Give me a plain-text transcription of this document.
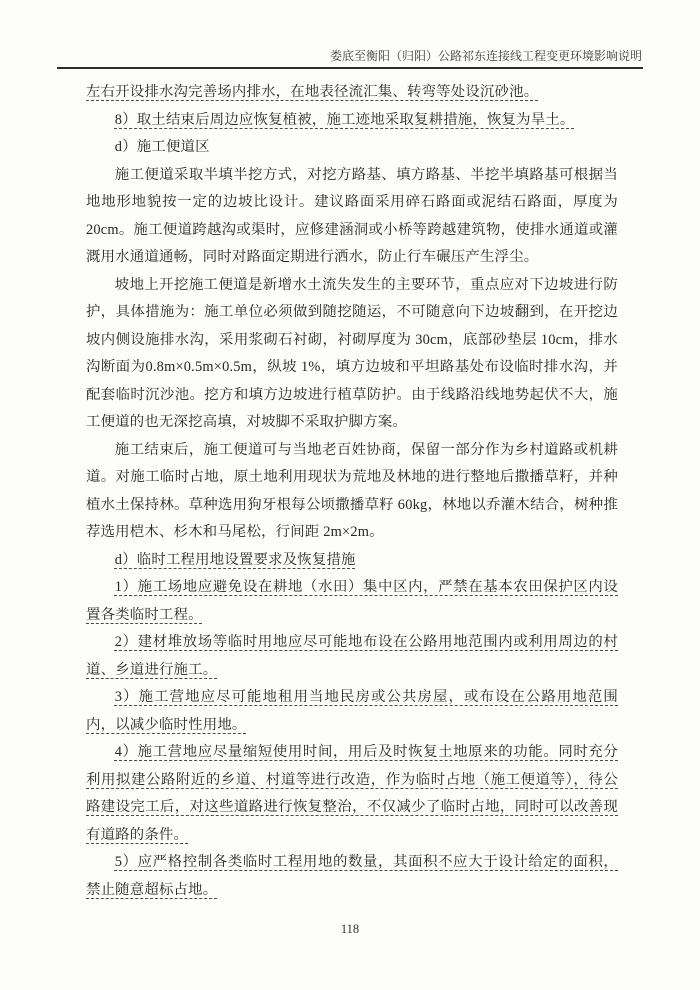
娄底至衡阳（归阳）公路祁东连接线工程变更环境影响说明

左右开设排水沟完善场内排水，在地表径流汇集、转弯等处设沉砂池。

8）取土结束后周边应恢复植被，施工迹地采取复耕措施，恢复为旱土。

d）施工便道区

施工便道采取半填半挖方式，对挖方路基、填方路基、半挖半填路基可根据当地地形地貌按一定的边坡比设计。建议路面采用碎石路面或泥结石路面，厚度为 20cm。施工便道跨越沟或渠时，应修建涵洞或小桥等跨越建筑物，使排水通道或灌溉用水通道通畅，同时对路面定期进行洒水，防止行车碾压产生浮尘。

坡地上开挖施工便道是新增水土流失发生的主要环节，重点应对下边坡进行防护，具体措施为：施工单位必须做到随挖随运，不可随意向下边坡翻到，在开挖边坡内侧设施排水沟，采用浆砌石衬砌，衬砌厚度为 30cm，底部砂垫层 10cm，排水沟断面为0.8m×0.5m×0.5m，纵坡 1%，填方边坡和平坦路基处布设临时排水沟，并配套临时沉沙池。挖方和填方边坡进行植草防护。由于线路沿线地势起伏不大，施工便道的也无深挖高填，对坡脚不采取护脚方案。

施工结束后，施工便道可与当地老百姓协商，保留一部分作为乡村道路或机耕道。对施工临时占地，原土地利用现状为荒地及林地的进行整地后撒播草籽，并种植水土保持林。草种选用狗牙根每公顷撒播草籽 60kg，林地以乔灌木结合，树种推荐选用桤木、杉木和马尾松，行间距 2m×2m。

d）临时工程用地设置要求及恢复措施

1）施工场地应避免设在耕地（水田）集中区内，严禁在基本农田保护区内设置各类临时工程。

2）建材堆放场等临时用地应尽可能地布设在公路用地范围内或利用周边的村道、乡道进行施工。

3）施工营地应尽可能地租用当地民房或公共房屋，或布设在公路用地范围内，以减少临时性用地。

4）施工营地应尽量缩短使用时间，用后及时恢复土地原来的功能。同时充分利用拟建公路附近的乡道、村道等进行改造，作为临时占地（施工便道等），待公路建设完工后，对这些道路进行恢复整治，不仅减少了临时占地，同时可以改善现有道路的条件。

5）应严格控制各类临时工程用地的数量，其面积不应大于设计给定的面积，禁止随意超标占地。

118
